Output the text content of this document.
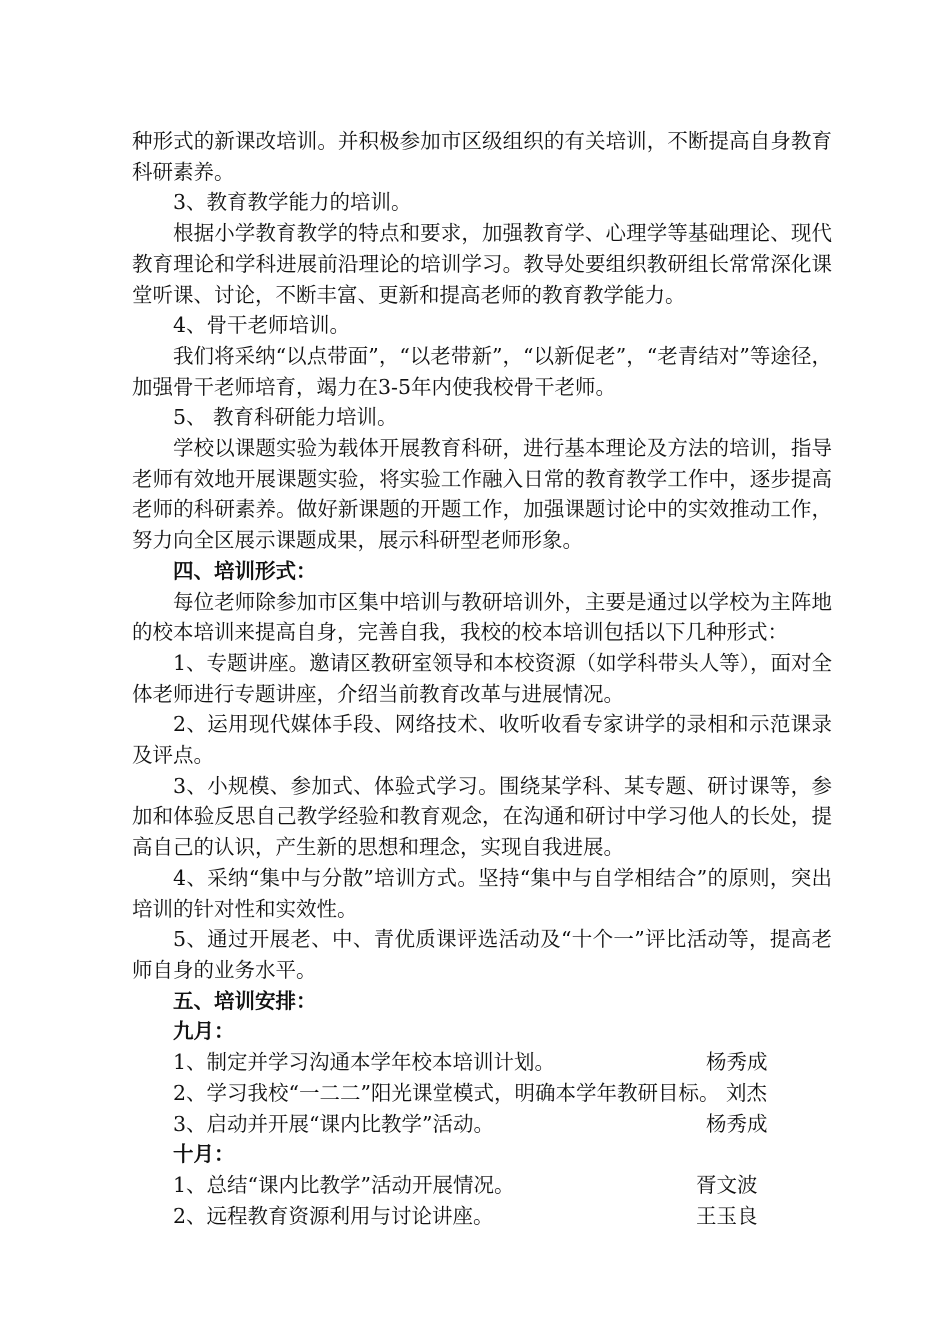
种形式的新课改培训。并积极参加市区级组织的有关培训，不断提高自身教育科研素养。

3、教育教学能力的培训。

根据小学教育教学的特点和要求，加强教育学、心理学等基础理论、现代教育理论和学科进展前沿理论的培训学习。教导处要组织教研组长常常深化课堂听课、讨论，不断丰富、更新和提高老师的教育教学能力。

4、骨干老师培训。

我们将采纳“以点带面”，“以老带新”，“以新促老”，“老青结对”等途径，加强骨干老师培育，竭力在3-5年内使我校骨干老师。

5、 教育科研能力培训。

学校以课题实验为载体开展教育科研，进行基本理论及方法的培训，指导老师有效地开展课题实验，将实验工作融入日常的教育教学工作中，逐步提高老师的科研素养。做好新课题的开题工作，加强课题讨论中的实效推动工作，努力向全区展示课题成果，展示科研型老师形象。

四、培训形式：

每位老师除参加市区集中培训与教研培训外，主要是通过以学校为主阵地的校本培训来提高自身，完善自我，我校的校本培训包括以下几种形式：

1、专题讲座。邀请区教研室领导和本校资源（如学科带头人等），面对全体老师进行专题讲座，介绍当前教育改革与进展情况。

2、运用现代媒体手段、网络技术、收听收看专家讲学的录相和示范课录及评点。

3、小规模、参加式、体验式学习。围绕某学科、某专题、研讨课等，参加和体验反思自己教学经验和教育观念，在沟通和研讨中学习他人的长处，提高自己的认识，产生新的思想和理念，实现自我进展。

4、采纳“集中与分散”培训方式。坚持“集中与自学相结合”的原则，突出培训的针对性和实效性。

5、通过开展老、中、青优质课评选活动及“十个一”评比活动等，提高老师自身的业务水平。

五、培训安排：

九月：

1、制定并学习沟通本学年校本培训计划。	杨秀成

2、学习我校“一二二”阳光课堂模式，明确本学年教研目标。 刘杰

3、启动并开展“课内比教学”活动。	杨秀成

十月：

1、总结“课内比教学”活动开展情况。	胥文波
2、远程教育资源利用与讨论讲座。	王玉良
